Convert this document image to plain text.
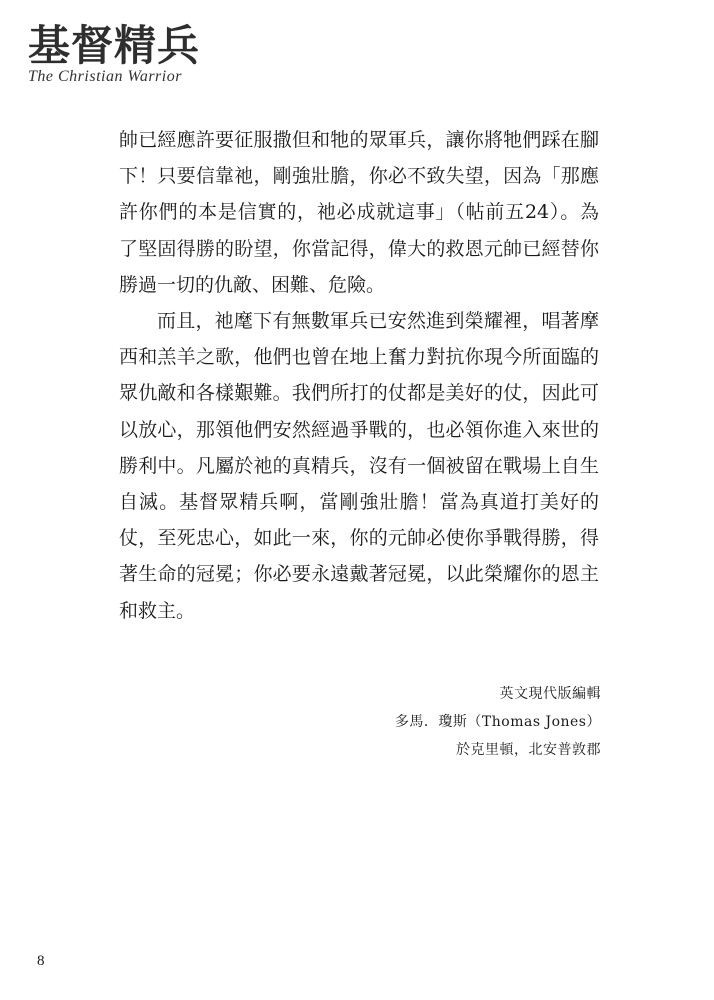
基督精兵
The Christian Warrior

帥已經應許要征服撒但和牠的眾軍兵，讓你將牠們踩在腳下！只要信靠祂，剛強壯膽，你必不致失望，因為「那應許你們的本是信實的，祂必成就這事」（帖前五24）。為了堅固得勝的盼望，你當記得，偉大的救恩元帥已經替你勝過一切的仇敵、困難、危險。

而且，祂麾下有無數軍兵已安然進到榮耀裡，唱著摩西和羔羊之歌，他們也曾在地上奮力對抗你現今所面臨的眾仇敵和各樣艱難。我們所打的仗都是美好的仗，因此可以放心，那領他們安然經過爭戰的，也必領你進入來世的勝利中。凡屬於祂的真精兵，沒有一個被留在戰場上自生自滅。基督眾精兵啊，當剛強壯膽！當為真道打美好的仗，至死忠心，如此一來，你的元帥必使你爭戰得勝，得著生命的冠冕；你必要永遠戴著冠冕，以此榮耀你的恩主和救主。

英文現代版編輯
多馬．瓊斯（Thomas Jones）
於克里頓，北安普敦郡
8
